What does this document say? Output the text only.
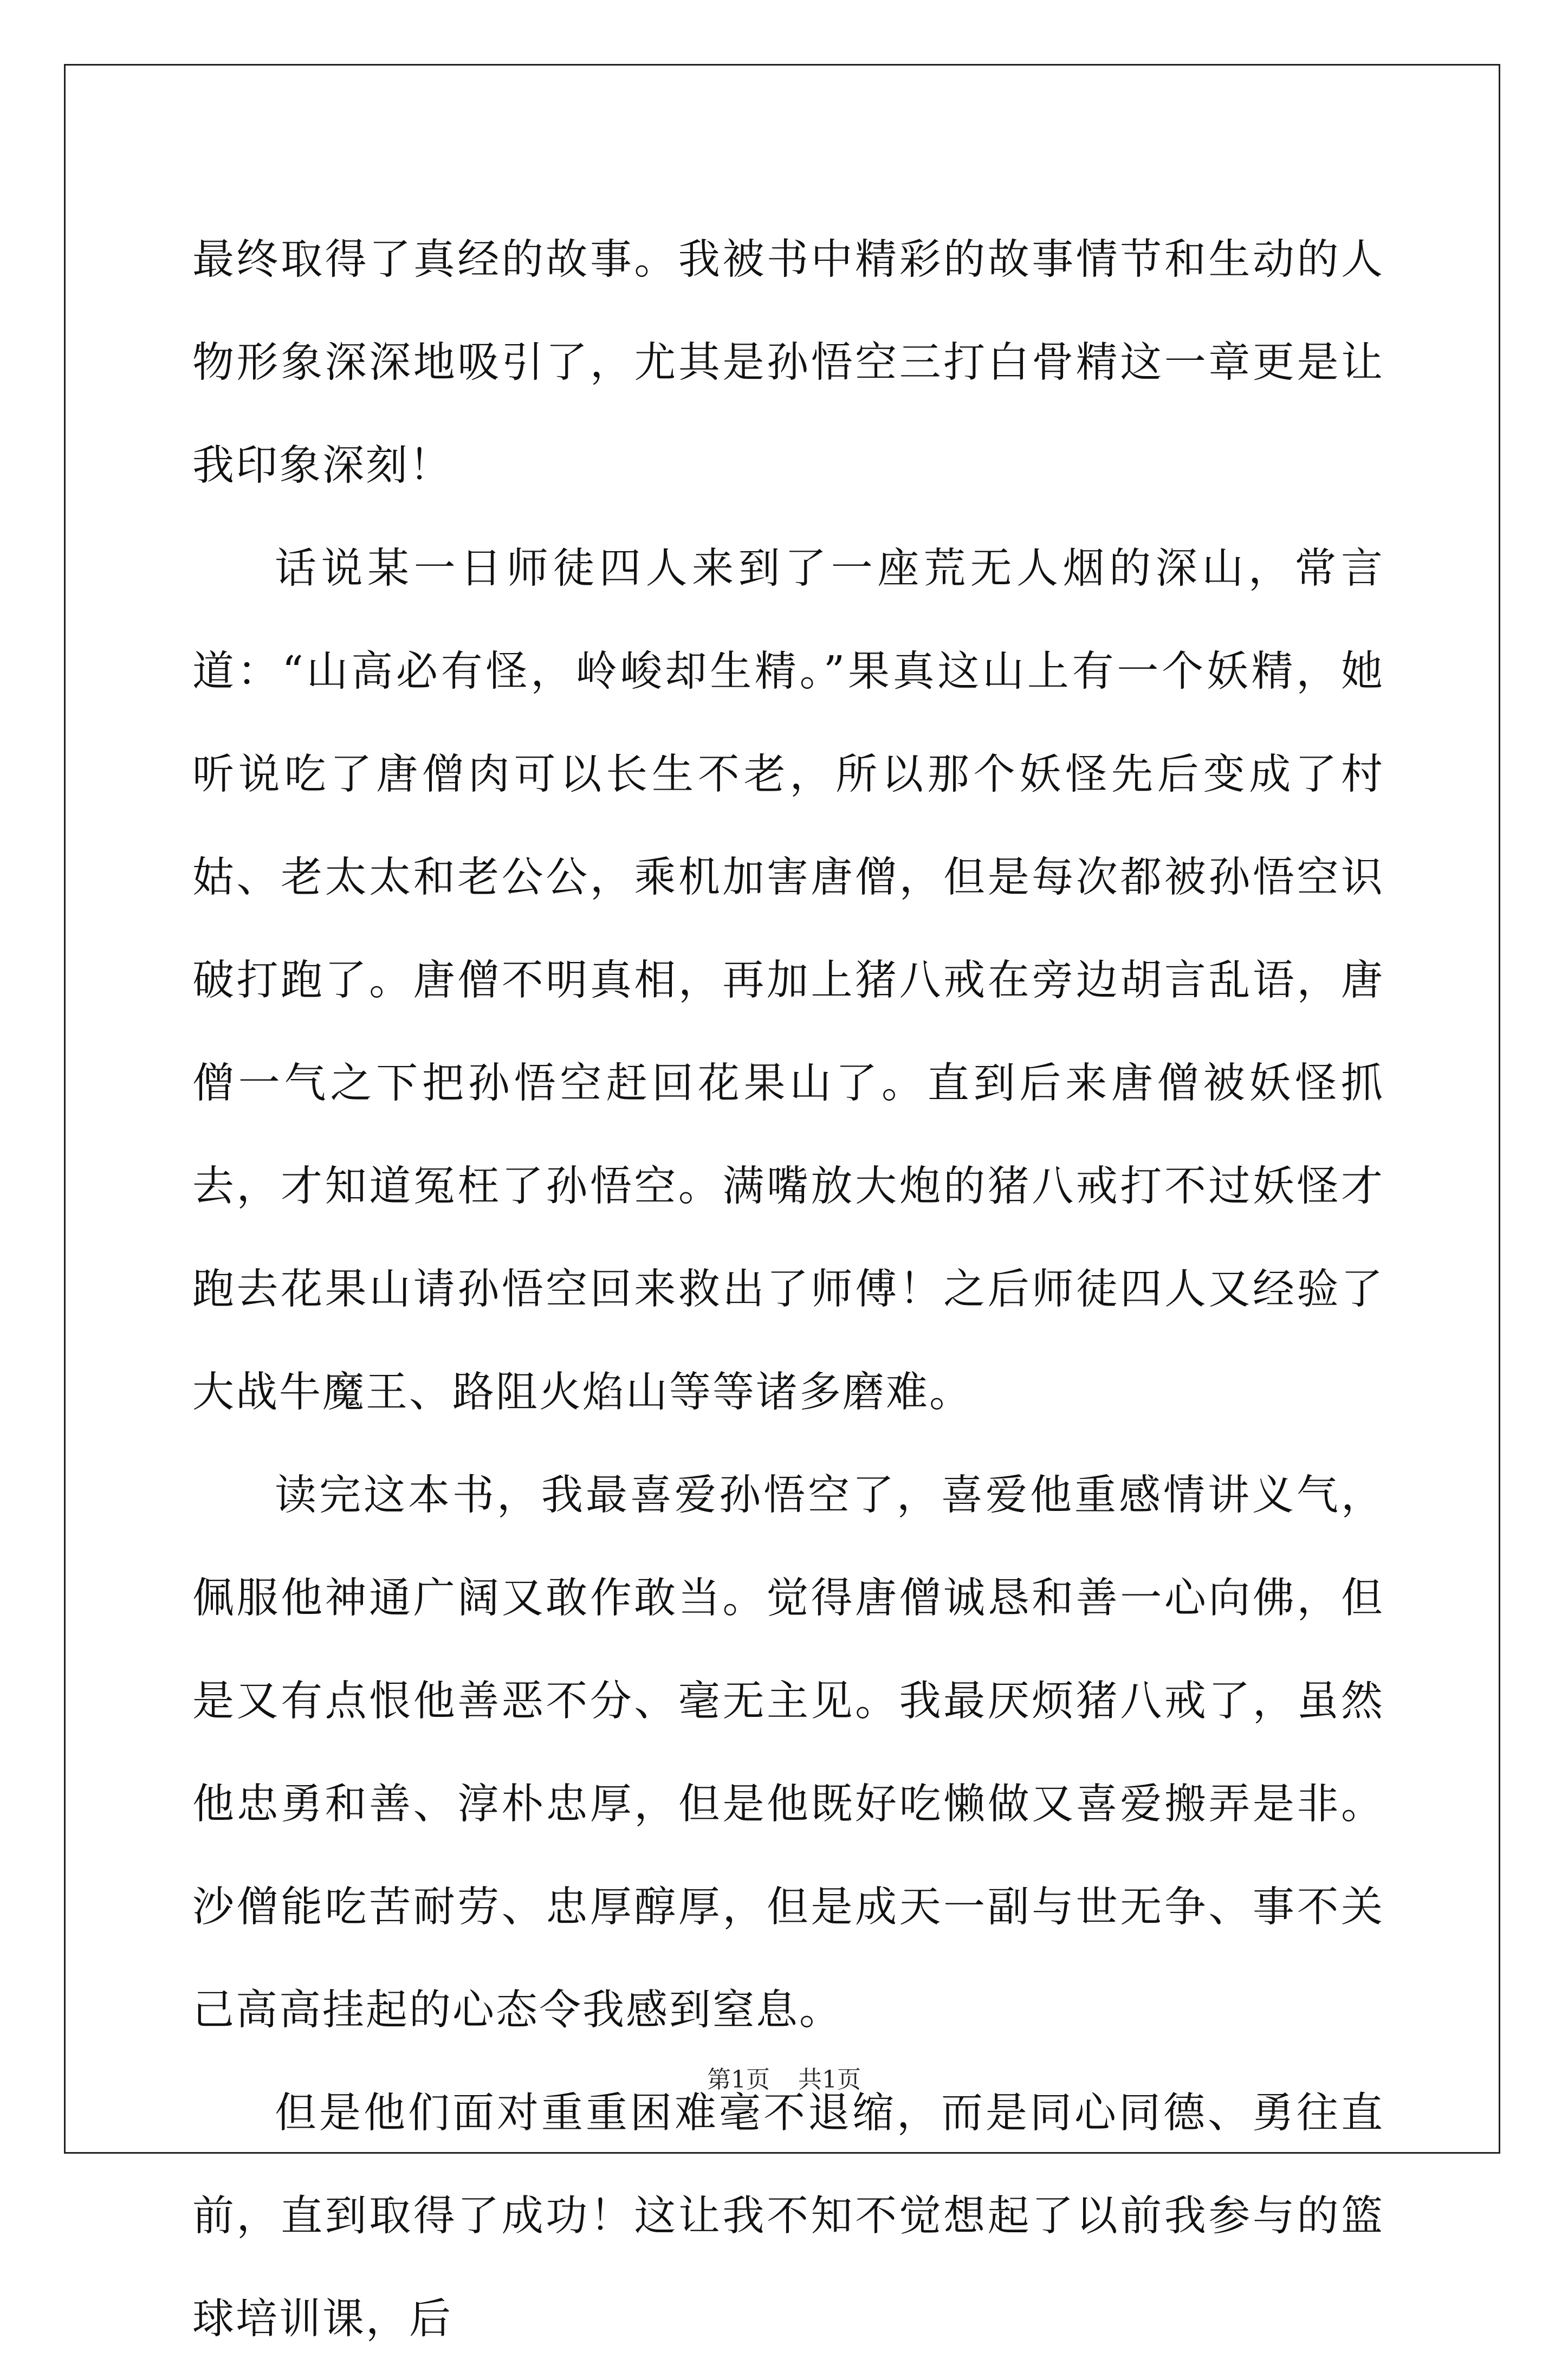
最终取得了真经的故事。我被书中精彩的故事情节和生动的人物形象深深地吸引了，尤其是孙悟空三打白骨精这一章更是让我印象深刻！

话说某一日师徒四人来到了一座荒无人烟的深山，常言道：“山高必有怪，岭峻却生精。”果真这山上有一个妖精，她听说吃了唐僧肉可以长生不老，所以那个妖怪先后变成了村姑、老太太和老公公，乘机加害唐僧，但是每次都被孙悟空识破打跑了。唐僧不明真相，再加上猪八戒在旁边胡言乱语，唐僧一气之下把孙悟空赶回花果山了。直到后来唐僧被妖怪抓去，才知道冤枉了孙悟空。满嘴放大炮的猪八戒打不过妖怪才跑去花果山请孙悟空回来救出了师傅！之后师徒四人又经验了大战牛魔王、路阻火焰山等等诸多磨难。

读完这本书，我最喜爱孙悟空了，喜爱他重感情讲义气，佩服他神通广阔又敢作敢当。觉得唐僧诚恳和善一心向佛，但是又有点恨他善恶不分、毫无主见。我最厌烦猪八戒了，虽然他忠勇和善、淳朴忠厚，但是他既好吃懒做又喜爱搬弄是非。沙僧能吃苦耐劳、忠厚醇厚，但是成天一副与世无争、事不关己高高挂起的心态令我感到窒息。

但是他们面对重重困难毫不退缩，而是同心同德、勇往直前，直到取得了成功！这让我不知不觉想起了以前我参与的篮球培训课，后

第1页 共1页
